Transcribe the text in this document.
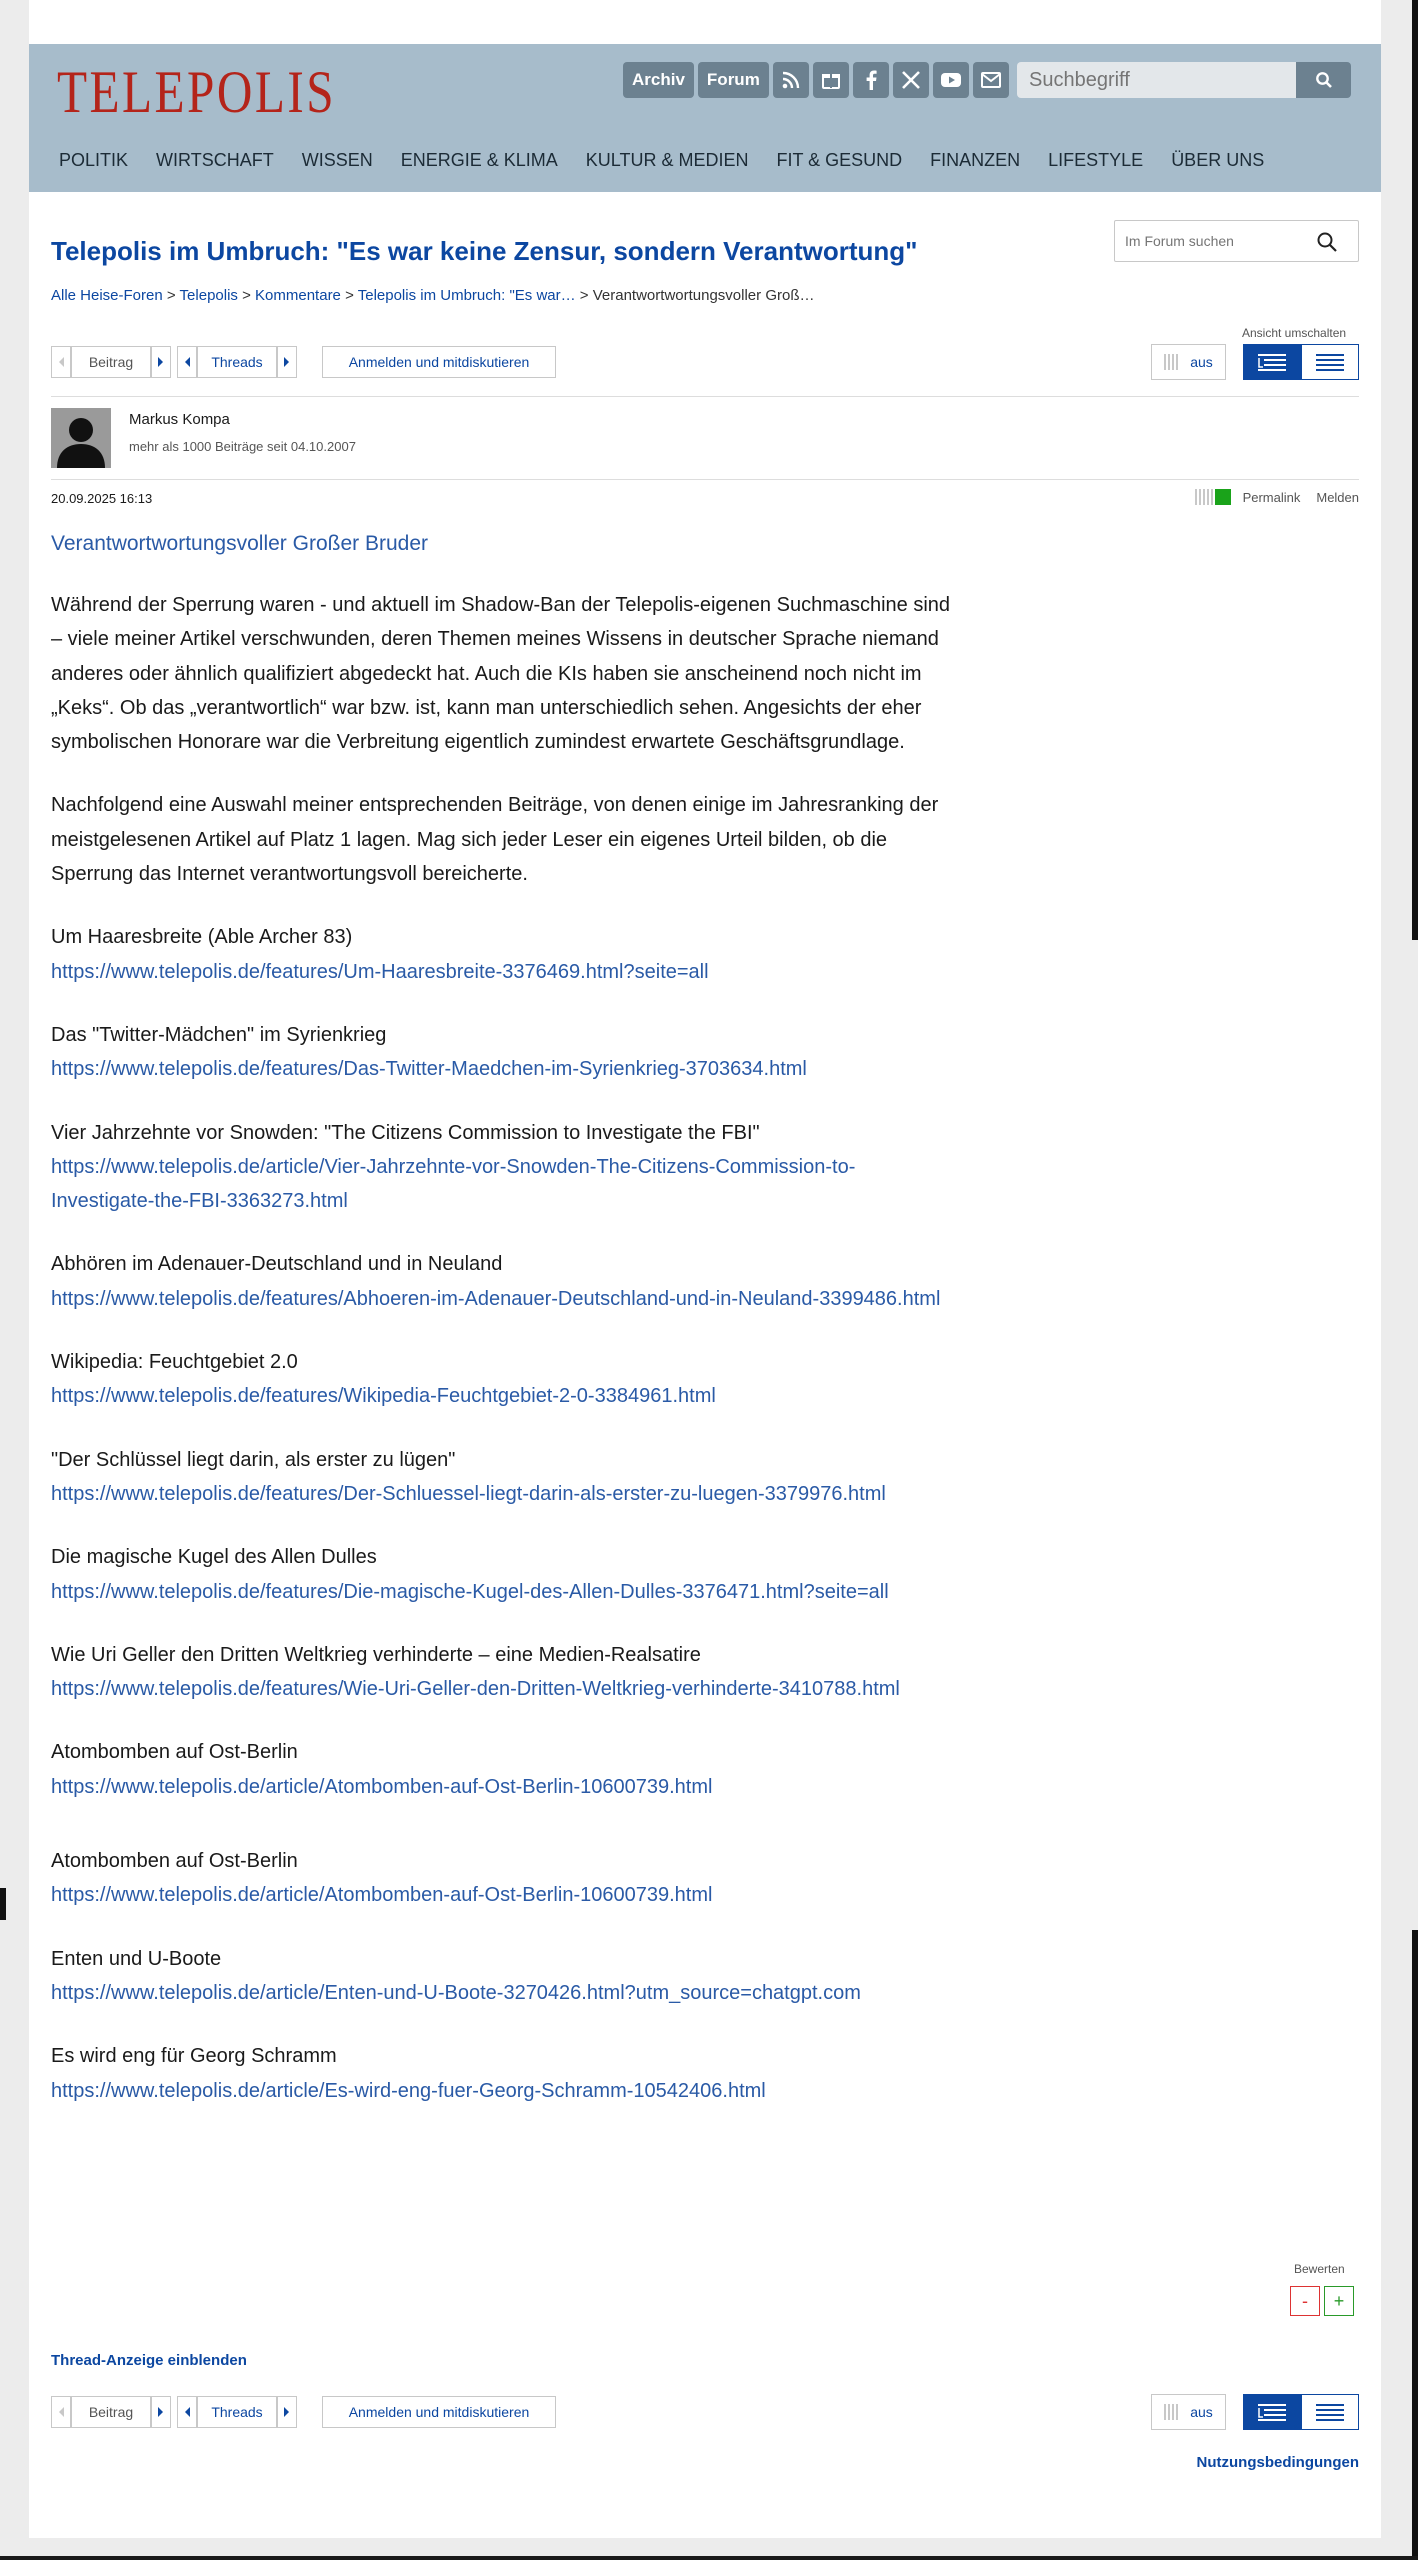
TELEPOLIS	Archiv	Forum
Suchbegriff
POLITIK WIRTSCHAFT WISSEN ENERGIE & KLIMA KULTUR & MEDIEN FIT & GESUND FINANZEN LIFESTYLE ÜBER UNS
Telepolis im Umbruch: "Es war keine Zensur, sondern Verantwortung"
Im Forum suchen
Alle Heise-Foren > Telepolis > Kommentare > Telepolis im Umbruch: "Es war… > Verantwortwortungsvoller Groß…
Ansicht umschalten
Beitrag	Threads	Anmelden und mitdiskutieren	aus
Markus Kompa
mehr als 1000 Beiträge seit 04.10.2007
20.09.2025 16:13	Permalink Melden
Verantwortwortungsvoller Großer Bruder

Während der Sperrung waren - und aktuell im Shadow-Ban der Telepolis-eigenen Suchmaschine sind – viele meiner Artikel verschwunden, deren Themen meines Wissens in deutscher Sprache niemand anderes oder ähnlich qualifiziert abgedeckt hat. Auch die KIs haben sie anscheinend noch nicht im „Keks“. Ob das „verantwortlich“ war bzw. ist, kann man unterschiedlich sehen. Angesichts der eher symbolischen Honorare war die Verbreitung eigentlich zumindest erwartete Geschäftsgrundlage.

Nachfolgend eine Auswahl meiner entsprechenden Beiträge, von denen einige im Jahresranking der meistgelesenen Artikel auf Platz 1 lagen. Mag sich jeder Leser ein eigenes Urteil bilden, ob die Sperrung das Internet verantwortungsvoll bereicherte.

Um Haaresbreite (Able Archer 83)
https://www.telepolis.de/features/Um-Haaresbreite-3376469.html?seite=all
Das "Twitter-Mädchen" im Syrienkrieg
https://www.telepolis.de/features/Das-Twitter-Maedchen-im-Syrienkrieg-3703634.html
Vier Jahrzehnte vor Snowden: "The Citizens Commission to Investigate the FBI"
https://www.telepolis.de/article/Vier-Jahrzehnte-vor-Snowden-The-Citizens-Commission-to-Investigate-the-FBI-3363273.html
Abhören im Adenauer-Deutschland und in Neuland
https://www.telepolis.de/features/Abhoeren-im-Adenauer-Deutschland-und-in-Neuland-3399486.html
Wikipedia: Feuchtgebiet 2.0
https://www.telepolis.de/features/Wikipedia-Feuchtgebiet-2-0-3384961.html
"Der Schlüssel liegt darin, als erster zu lügen"
https://www.telepolis.de/features/Der-Schluessel-liegt-darin-als-erster-zu-luegen-3379976.html
Die magische Kugel des Allen Dulles
https://www.telepolis.de/features/Die-magische-Kugel-des-Allen-Dulles-3376471.html?seite=all
Wie Uri Geller den Dritten Weltkrieg verhinderte – eine Medien-Realsatire
https://www.telepolis.de/features/Wie-Uri-Geller-den-Dritten-Weltkrieg-verhinderte-3410788.html
Atombomben auf Ost-Berlin
https://www.telepolis.de/article/Atombomben-auf-Ost-Berlin-10600739.html
Atombomben auf Ost-Berlin
https://www.telepolis.de/article/Atombomben-auf-Ost-Berlin-10600739.html
Enten und U-Boote
https://www.telepolis.de/article/Enten-und-U-Boote-3270426.html?utm_source=chatgpt.com
Es wird eng für Georg Schramm
https://www.telepolis.de/article/Es-wird-eng-fuer-Georg-Schramm-10542406.html
Bewerten
-	+
Thread-Anzeige einblenden
Beitrag	Threads	Anmelden und mitdiskutieren	aus
Nutzungsbedingungen
